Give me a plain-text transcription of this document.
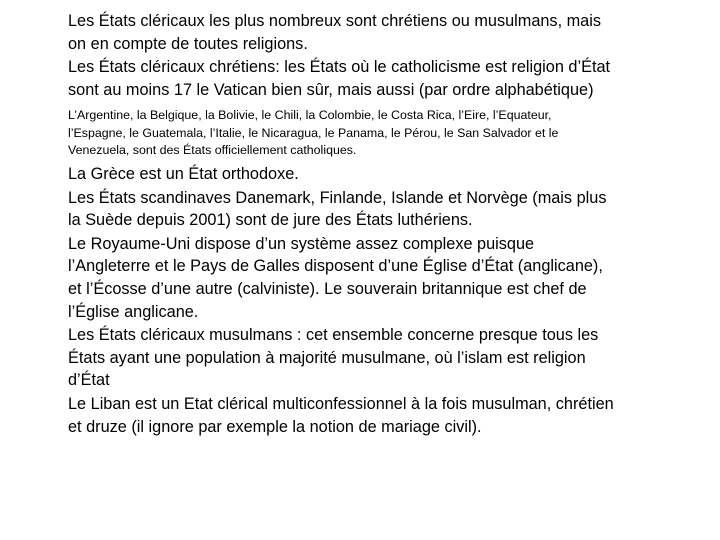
Les États cléricaux les plus nombreux sont chrétiens ou musulmans, mais
on en compte de toutes religions.

Les États cléricaux chrétiens: les États où le catholicisme est religion d’État
sont au moins 17 le Vatican bien sûr, mais aussi (par ordre alphabétique)

L’Argentine, la Belgique, la Bolivie, le Chili, la Colombie, le Costa Rica, l’Eire, l’Equateur,
l’Espagne, le Guatemala, l’Italie, le Nicaragua, le Panama, le Pérou, le San Salvador et le
Venezuela, sont des États officiellement catholiques.

La Grèce est un État orthodoxe.

Les États scandinaves Danemark, Finlande, Islande et Norvège (mais plus
la Suède depuis 2001) sont de jure des États luthériens.

Le Royaume-Uni dispose d’un système assez complexe puisque
l’Angleterre et le Pays de Galles disposent d’une Église d’État (anglicane),
et l’Écosse d’une autre (calviniste). Le souverain britannique est chef de
l’Église anglicane.

Les États cléricaux musulmans : cet ensemble concerne presque tous les
États ayant une population à majorité musulmane, où l’islam est religion
d’État

Le Liban est un Etat clérical multiconfessionnel à la fois musulman, chrétien
et druze (il ignore par exemple la notion de mariage civil).
